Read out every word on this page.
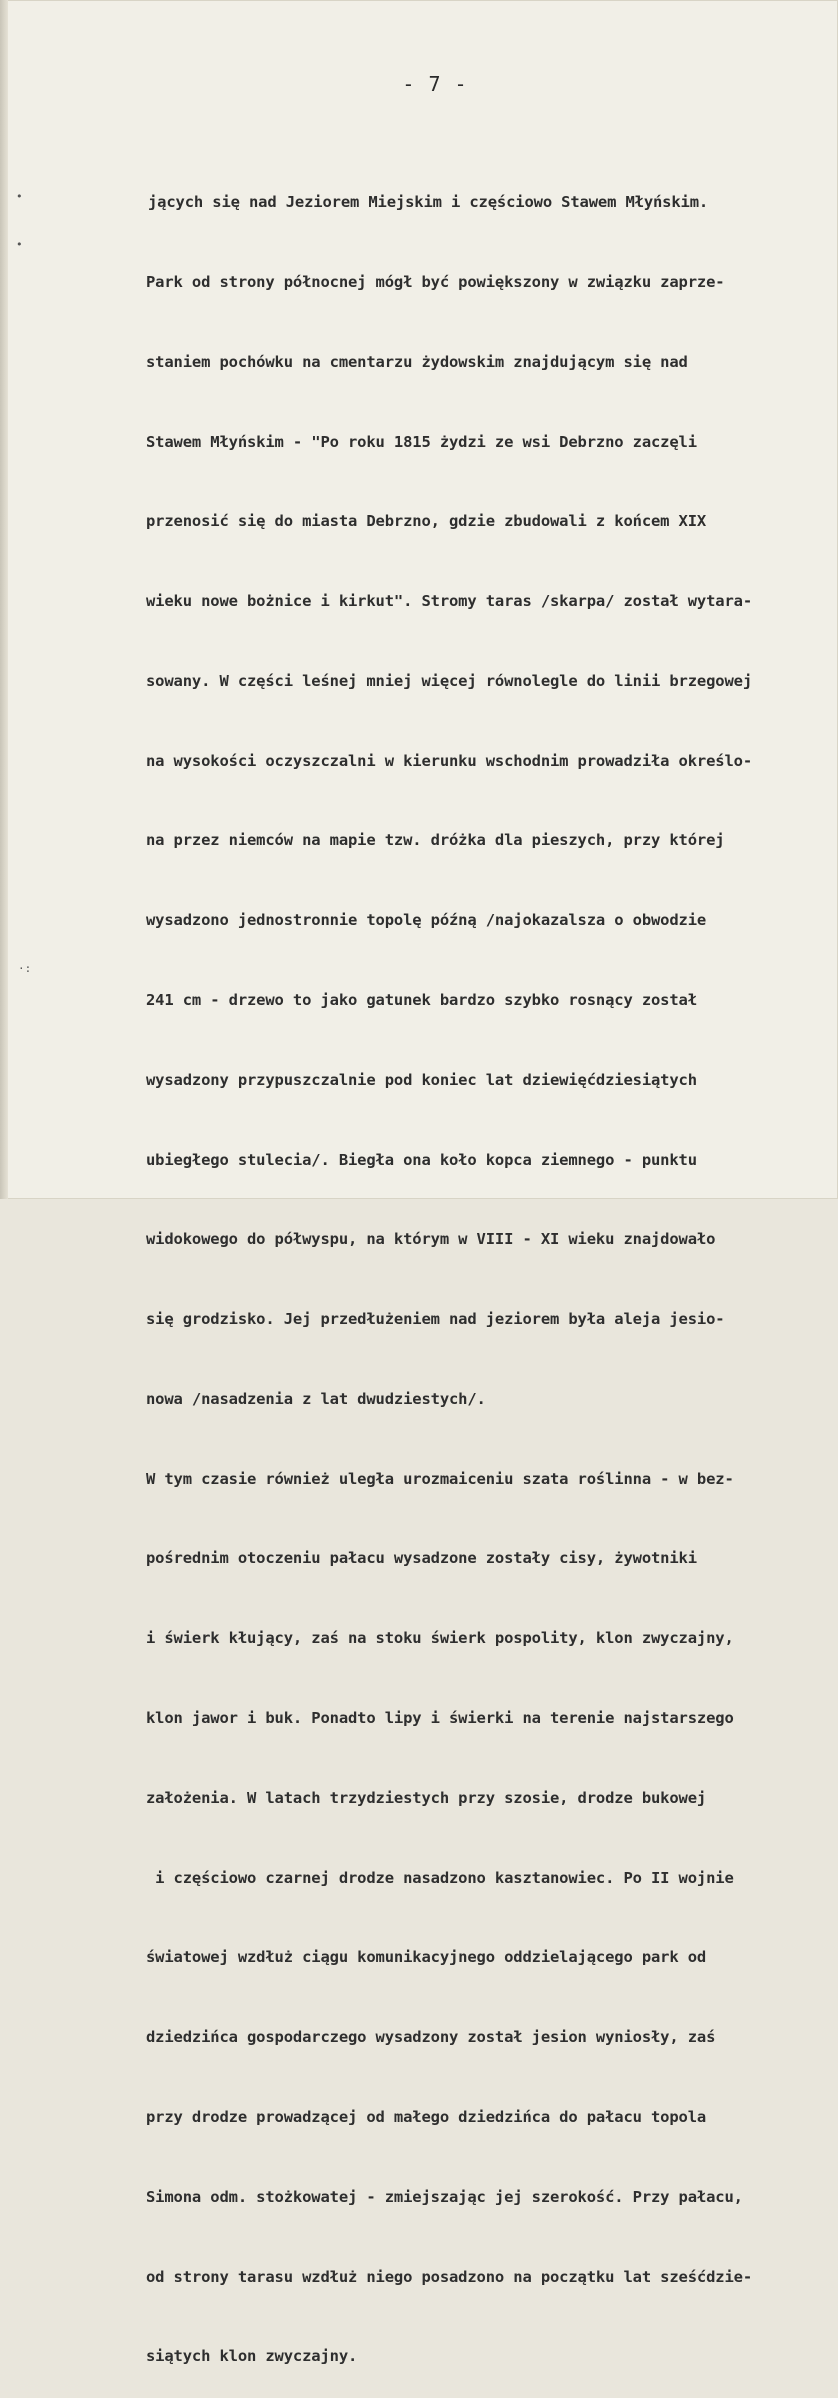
•
•
·:
- 7 -

jących się nad Jeziorem Miejskim i częściowo Stawem Młyńskim.

Park od strony północnej mógł być powiększony w związku zaprze-

staniem pochówku na cmentarzu żydowskim znajdującym się nad

Stawem Młyńskim - "Po roku 1815 żydzi ze wsi Debrzno zaczęli

przenosić się do miasta Debrzno, gdzie zbudowali z końcem XIX

wieku nowe bożnice i kirkut". Stromy taras /skarpa/ został wytara-

sowany. W części leśnej mniej więcej równolegle do linii brzegowej

na wysokości oczyszczalni w kierunku wschodnim prowadziła określo-

na przez niemców na mapie tzw. dróżka dla pieszych, przy której

wysadzono jednostronnie topolę późną /najokazalsza o obwodzie

241 cm - drzewo to jako gatunek bardzo szybko rosnący został

wysadzony przypuszczalnie pod koniec lat dziewięćdziesiątych

ubiegłego stulecia/. Biegła ona koło kopca ziemnego - punktu

widokowego do półwyspu, na którym w VIII - XI wieku znajdowało

się grodzisko. Jej przedłużeniem nad jeziorem była aleja jesio-

nowa /nasadzenia z lat dwudziestych/.

W tym czasie również uległa urozmaiceniu szata roślinna - w bez-

pośrednim otoczeniu pałacu wysadzone zostały cisy, żywotniki

i świerk kłujący, zaś na stoku świerk pospolity, klon zwyczajny,

klon jawor i buk. Ponadto lipy i świerki na terenie najstarszego

założenia. W latach trzydziestych przy szosie, drodze bukowej

i częściowo czarnej drodze nasadzono kasztanowiec. Po II wojnie

światowej wzdłuż ciągu komunikacyjnego oddzielającego park od

dziedzińca gospodarczego wysadzony został jesion wyniosły, zaś

przy drodze prowadzącej od małego dziedzińca do pałacu topola

Simona odm. stożkowatej - zmiejszając jej szerokość. Przy pałacu,

od strony tarasu wzdłuż niego posadzono na początku lat sześćdzie-

siątych klon zwyczajny.
